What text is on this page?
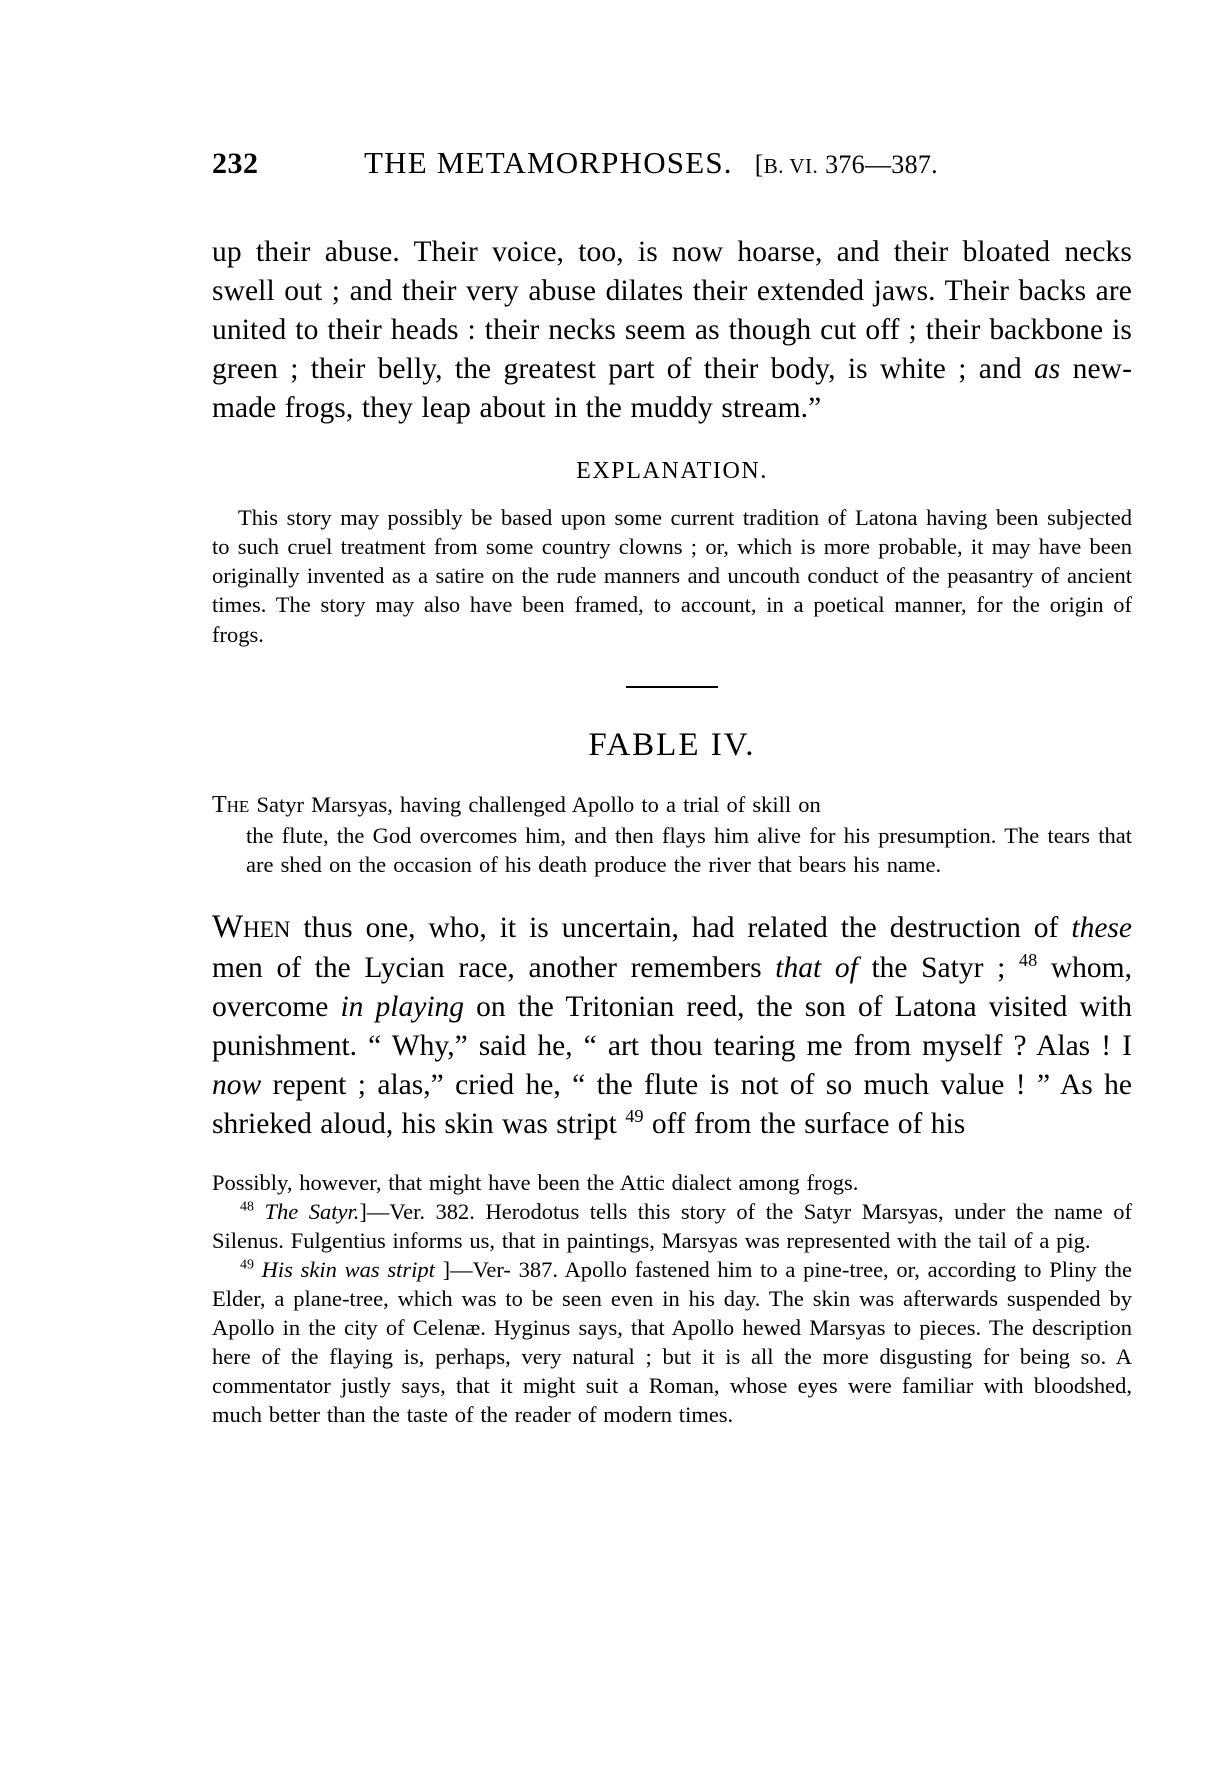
232	THE METAMORPHOSES. [B. VI. 376—387.
up their abuse. Their voice, too, is now hoarse, and their bloated necks swell out ; and their very abuse dilates their extended jaws. Their backs are united to their heads : their necks seem as though cut off ; their backbone is green ; their belly, the greatest part of their body, is white ; and as new-made frogs, they leap about in the muddy stream.”
EXPLANATION.
This story may possibly be based upon some current tradition of Latona having been subjected to such cruel treatment from some country clowns ; or, which is more probable, it may have been originally invented as a satire on the rude manners and uncouth conduct of the peasantry of ancient times. The story may also have been framed, to account, in a poetical manner, for the origin of frogs.
FABLE IV.

The Satyr Marsyas, having challenged Apollo to a trial of skill on

the flute, the God overcomes him, and then flays him alive for his presumption. The tears that are shed on the occasion of his death produce the river that bears his name.

When thus one, who, it is uncertain, had related the destruction of these men of the Lycian race, another remembers that of the Satyr ; $^{48}$ whom, overcome in playing on the Tritonian reed, the son of Latona visited with punishment. “ Why,” said he, “ art thou tearing me from myself ? Alas ! I now repent ; alas,” cried he, “ the flute is not of so much value ! ” As he shrieked aloud, his skin was stript $^{49}$ off from the surface of his

Possibly, however, that might have been the Attic dialect among frogs.

$^{48}$ The Satyr.]—Ver. 382. Herodotus tells this story of the Satyr Marsyas, under the name of Silenus. Fulgentius informs us, that in paintings, Marsyas was represented with the tail of a pig.

$^{49}$ His skin was stript ]—Ver- 387. Apollo fastened him to a pine-tree, or, according to Pliny the Elder, a plane-tree, which was to be seen even in his day. The skin was afterwards suspended by Apollo in the city of Celenæ. Hyginus says, that Apollo hewed Marsyas to pieces. The description here of the flaying is, perhaps, very natural ; but it is all the more disgusting for being so. A commentator justly says, that it might suit a Roman, whose eyes were familiar with bloodshed, much better than the taste of the reader of modern times.
